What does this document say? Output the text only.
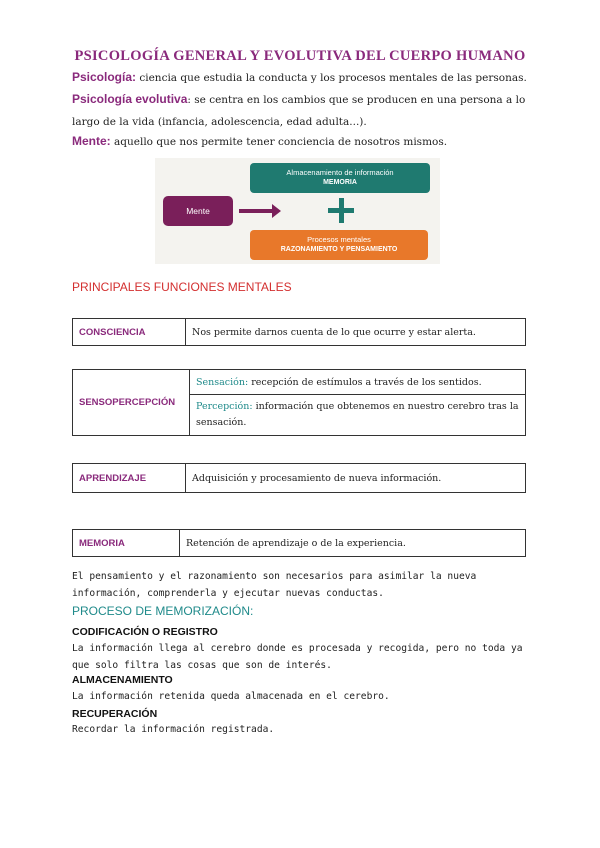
PSICOLOGÍA GENERAL Y EVOLUTIVA DEL CUERPO HUMANO
Psicología: ciencia que estudia la conducta y los procesos mentales de las personas.
Psicología evolutiva: se centra en los cambios que se producen en una persona a lo largo de la vida (infancia, adolescencia, edad adulta...).
Mente: aquello que nos permite tener conciencia de nosotros mismos.
Mente
Almacenamiento de información
MEMORIA
Procesos mentales
RAZONAMIENTO Y PENSAMIENTO
PRINCIPALES FUNCIONES MENTALES
CONSCIENCIA	Nos permite darnos cuenta de lo que ocurre y estar alerta.
SENSOPERCEPCIÓN	Sensación: recepción de estímulos a través de los sentidos.
Percepción: información que obtenemos en nuestro cerebro tras la sensación.
APRENDIZAJE	Adquisición y procesamiento de nueva información.
MEMORIA	Retención de aprendizaje o de la experiencia.
El pensamiento y el razonamiento son necesarios para asimilar la nueva información, comprenderla y ejecutar nuevas conductas.
PROCESO DE MEMORIZACIÓN:
CODIFICACIÓN O REGISTRO
La información llega al cerebro donde es procesada y recogida, pero no toda ya que solo filtra las cosas que son de interés.
ALMACENAMIENTO
La información retenida queda almacenada en el cerebro.
RECUPERACIÓN
Recordar la información registrada.
